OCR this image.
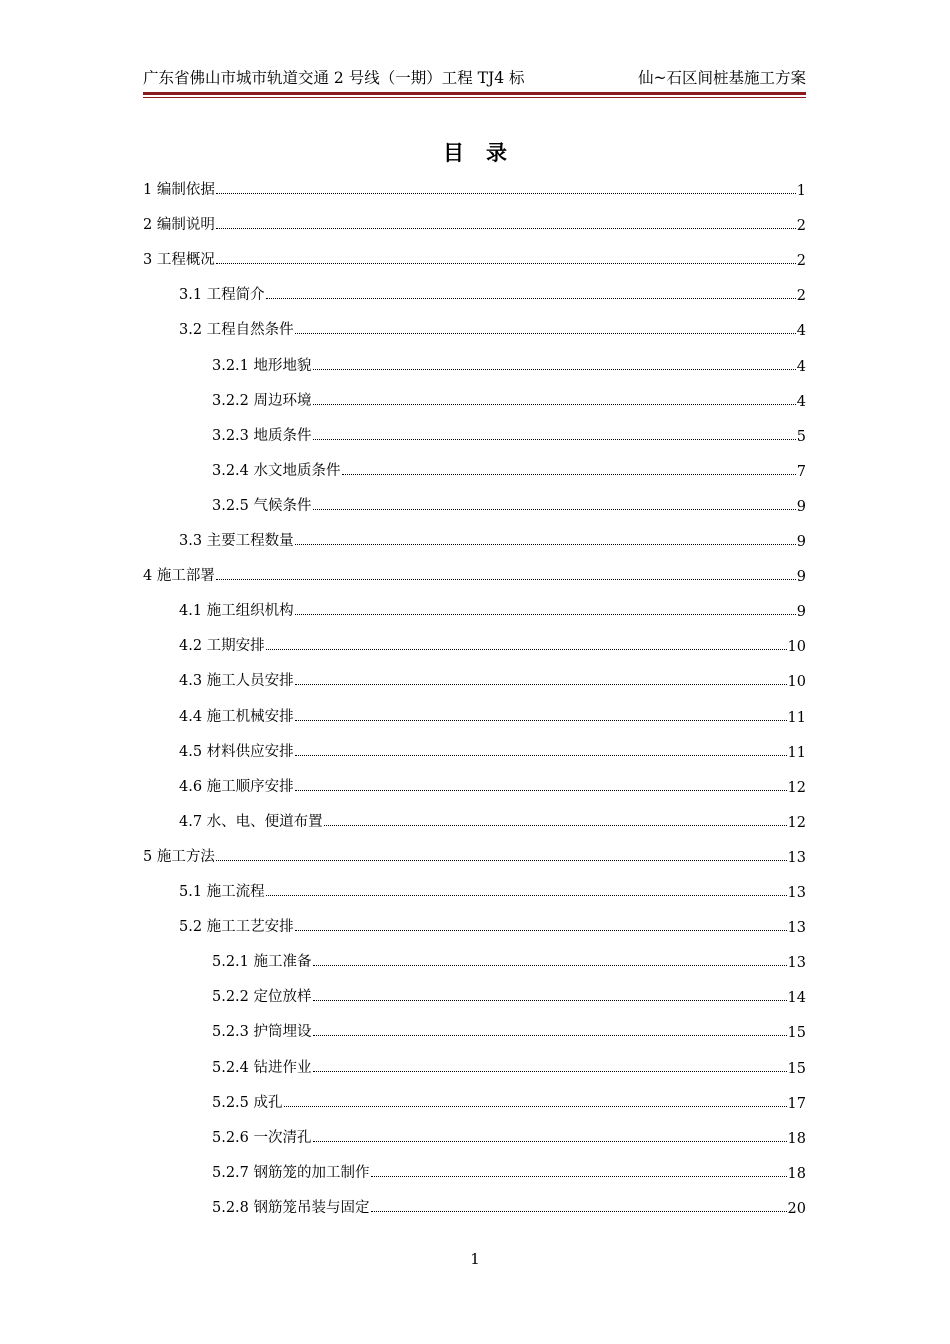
广东省佛山市城市轨道交通 2 号线（一期）工程 TJ4 标	仙~石区间桩基施工方案
目录
1 编制依据	1
2 编制说明	2
3 工程概况	2
3.1 工程简介	2
3.2 工程自然条件	4
3.2.1 地形地貌	4
3.2.2 周边环境	4
3.2.3 地质条件	5
3.2.4 水文地质条件	7
3.2.5 气候条件	9
3.3 主要工程数量	9
4 施工部署	9
4.1 施工组织机构	9
4.2 工期安排	10
4.3 施工人员安排	10
4.4 施工机械安排	11
4.5 材料供应安排	11
4.6 施工顺序安排	12
4.7 水、电、便道布置	12
5 施工方法	13
5.1 施工流程	13
5.2 施工工艺安排	13
5.2.1 施工准备	13
5.2.2 定位放样	14
5.2.3 护筒埋设	15
5.2.4 钻进作业	15
5.2.5 成孔	17
5.2.6 一次清孔	18
5.2.7 钢筋笼的加工制作	18
5.2.8 钢筋笼吊装与固定	20
1
